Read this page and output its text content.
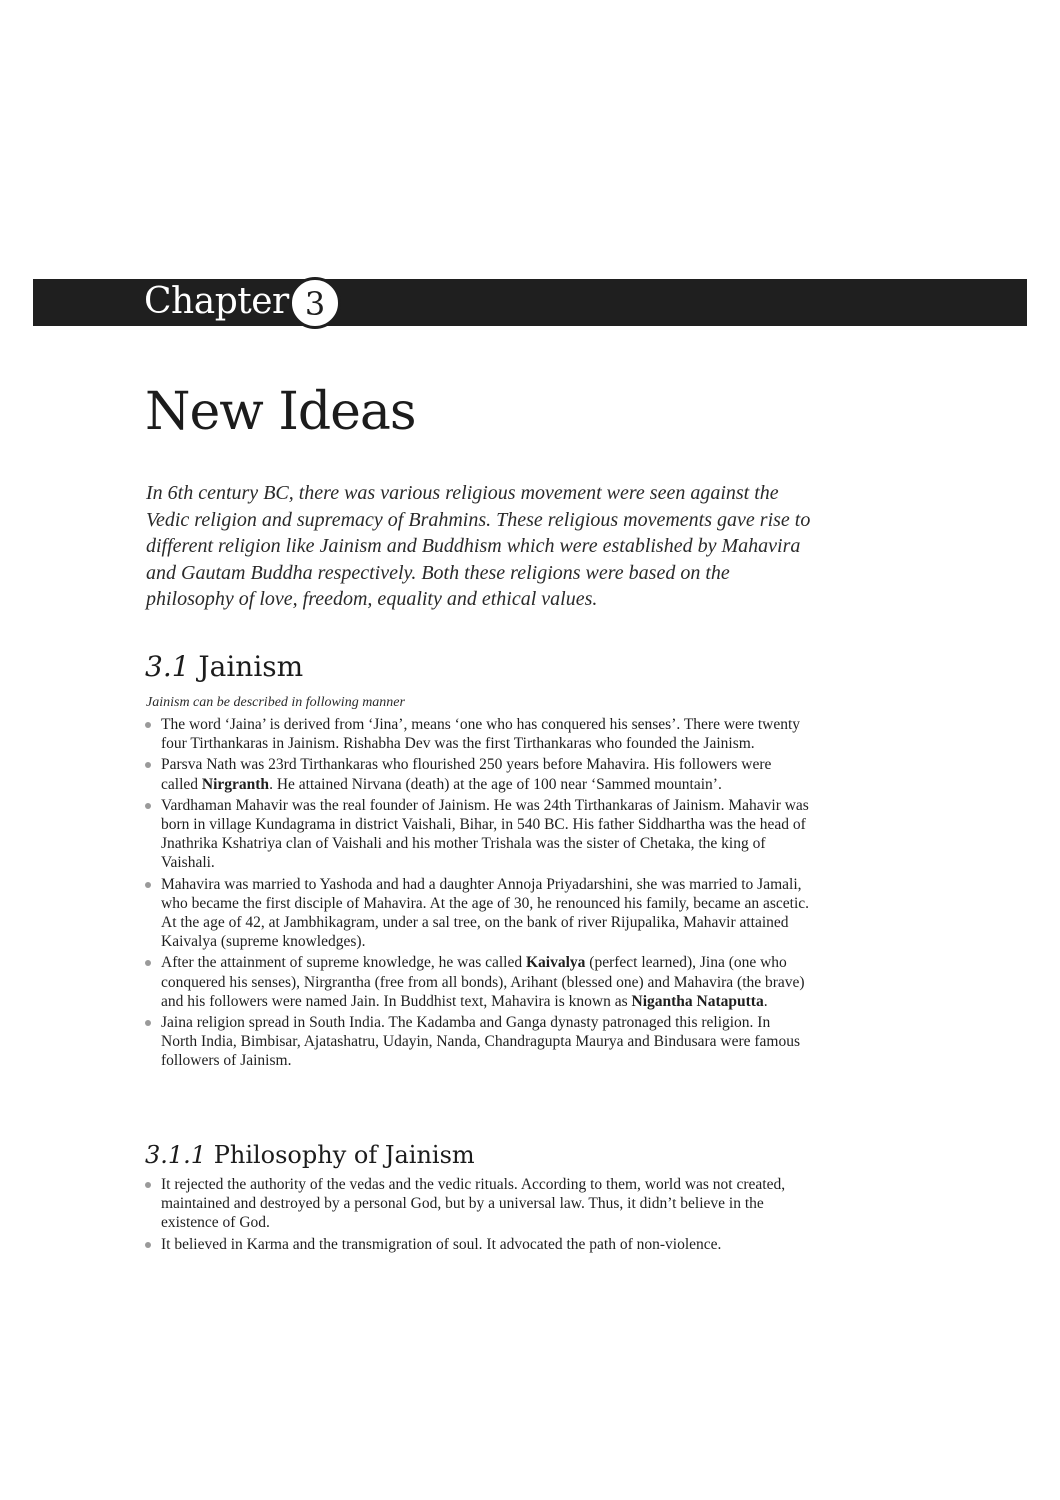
Chapter 3
New Ideas

In 6th century BC, there was various religious movement were seen against the Vedic religion and supremacy of Brahmins. These religious movements gave rise to different religion like Jainism and Buddhism which were established by Mahavira and Gautam Buddha respectively. Both these religions were based on the philosophy of love, freedom, equality and ethical values.

3.1 Jainism

Jainism can be described in following manner

The word ‘Jaina’ is derived from ‘Jina’, means ‘one who has conquered his senses’. There were twenty four Tirthankaras in Jainism. Rishabha Dev was the first Tirthankaras who founded the Jainism.
Parsva Nath was 23rd Tirthankaras who flourished 250 years before Mahavira. His followers were called Nirgranth. He attained Nirvana (death) at the age of 100 near ‘Sammed mountain’.
Vardhaman Mahavir was the real founder of Jainism. He was 24th Tirthankaras of Jainism. Mahavir was born in village Kundagrama in district Vaishali, Bihar, in 540 BC. His father Siddhartha was the head of Jnathrika Kshatriya clan of Vaishali and his mother Trishala was the sister of Chetaka, the king of Vaishali.
Mahavira was married to Yashoda and had a daughter Annoja Priyadarshini, she was married to Jamali, who became the first disciple of Mahavira. At the age of 30, he renounced his family, became an ascetic. At the age of 42, at Jambhikagram, under a sal tree, on the bank of river Rijupalika, Mahavir attained Kaivalya (supreme knowledges).
After the attainment of supreme knowledge, he was called Kaivalya (perfect learned), Jina (one who conquered his senses), Nirgrantha (free from all bonds), Arihant (blessed one) and Mahavira (the brave) and his followers were named Jain. In Buddhist text, Mahavira is known as Nigantha Nataputta.
Jaina religion spread in South India. The Kadamba and Ganga dynasty patronaged this religion. In North India, Bimbisar, Ajatashatru, Udayin, Nanda, Chandragupta Maurya and Bindusara were famous followers of Jainism.
3.1.1 Philosophy of Jainism
It rejected the authority of the vedas and the vedic rituals. According to them, world was not created, maintained and destroyed by a personal God, but by a universal law. Thus, it didn’t believe in the existence of God.
It believed in Karma and the transmigration of soul. It advocated the path of non-violence.
